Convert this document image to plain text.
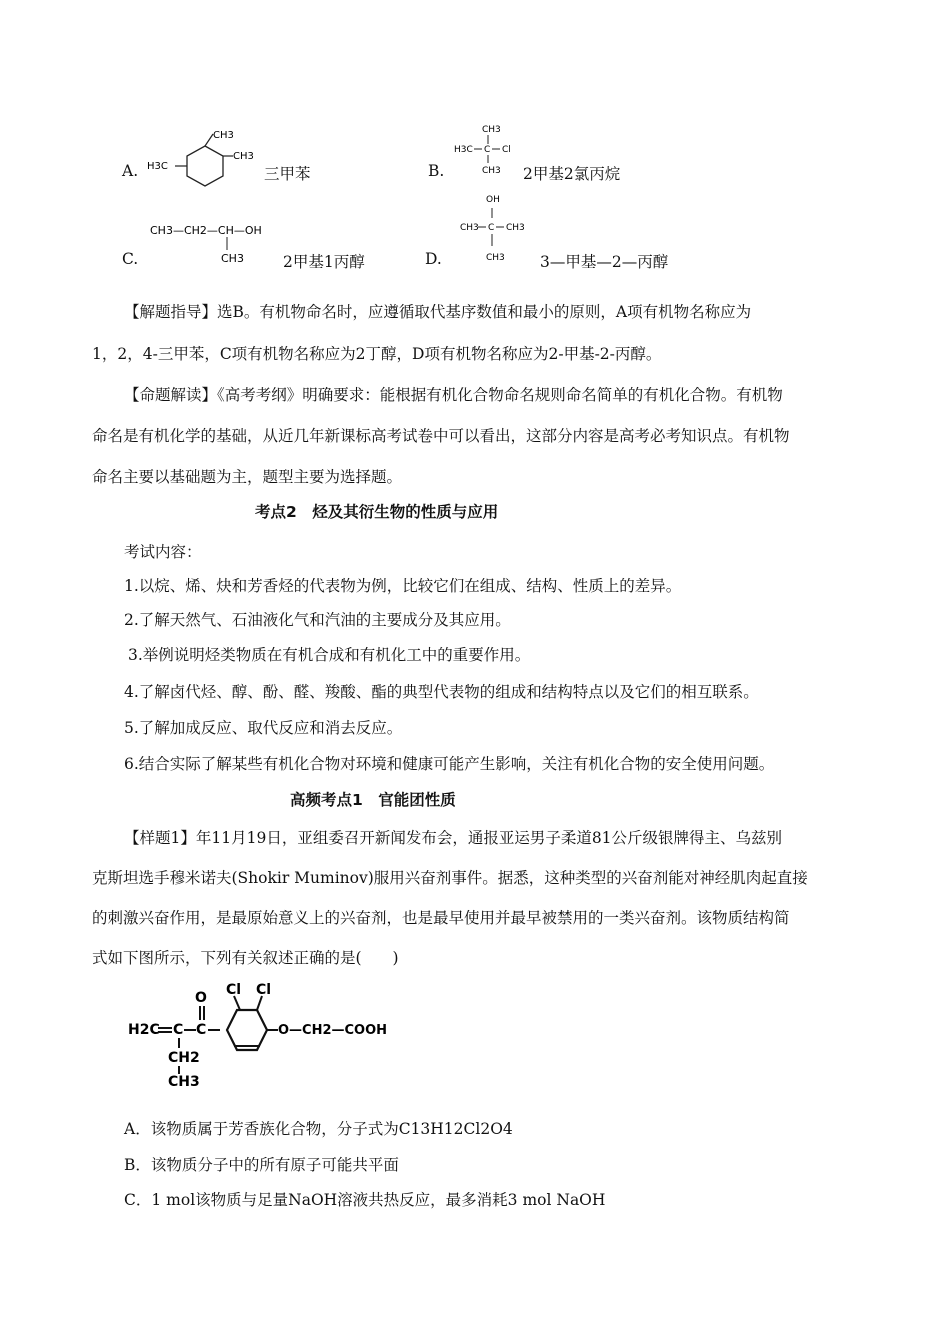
A.
CH3
CH3
H3C	三甲苯	B.
CH3
H3C C Cl
CH3 2甲基2氯丙烷
C.
CH3—CH2—CH—OH
CH3	2甲基1丙醇	D.
OH
CH3 C CH3
CH3 3—甲基—2—丙醇
【解题指导】选B。有机物命名时，应遵循取代基序数值和最小的原则，A项有机物名称应为
1，2，4-三甲苯，C项有机物名称应为2丁醇，D项有机物名称应为2-甲基-2-丙醇。
【命题解读】《高考考纲》明确要求：能根据有机化合物命名规则命名简单的有机化合物。有机物
命名是有机化学的基础，从近几年新课标高考试卷中可以看出，这部分内容是高考必考知识点。有机物
命名主要以基础题为主，题型主要为选择题。
考点2　烃及其衍生物的性质与应用
考试内容：
1.以烷、烯、炔和芳香烃的代表物为例，比较它们在组成、结构、性质上的差异。
2.了解天然气、石油液化气和汽油的主要成分及其应用。
3.举例说明烃类物质在有机合成和有机化工中的重要作用。
4.了解卤代烃、醇、酚、醛、羧酸、酯的典型代表物的组成和结构特点以及它们的相互联系。
5.了解加成反应、取代反应和消去反应。
6.结合实际了解某些有机化合物对环境和健康可能产生影响，关注有机化合物的安全使用问题。
高频考点1　官能团性质
【样题1】年11月19日，亚组委召开新闻发布会，通报亚运男子柔道81公斤级银牌得主、乌兹别
克斯坦选手穆米诺夫(Shokir Muminov)服用兴奋剂事件。据悉，这种类型的兴奋剂能对神经肌肉起直接
的刺激兴奋作用，是最原始意义上的兴奋剂，也是最早使用并最早被禁用的一类兴奋剂。该物质结构简
式如下图所示，下列有关叙述正确的是(　　)
H2C C C
O Cl Cl
O—CH2—COOH
CH2
CH3
A．该物质属于芳香族化合物，分子式为C13H12Cl2O4
B．该物质分子中的所有原子可能共平面
C．1 mol该物质与足量NaOH溶液共热反应，最多消耗3 mol NaOH
